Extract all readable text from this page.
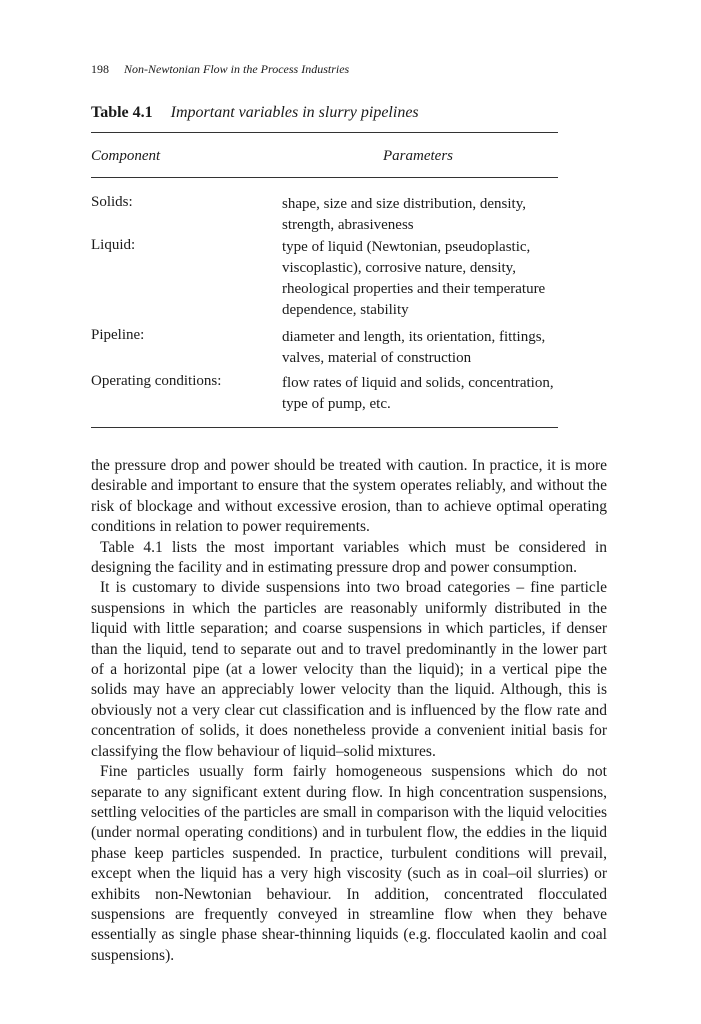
198 Non-Newtonian Flow in the Process Industries
Table 4.1 Important variables in slurry pipelines
Component	Parameters
Solids:	shape, size and size distribution, density, strength, abrasiveness
Liquid:	type of liquid (Newtonian, pseudoplastic, viscoplastic), corrosive nature, density, rheological properties and their temperature dependence, stability
Pipeline:	diameter and length, its orientation, fittings, valves, material of construction
Operating conditions:	flow rates of liquid and solids, concentration, type of pump, etc.

the pressure drop and power should be treated with caution. In practice, it is more desirable and important to ensure that the system operates reliably, and without the risk of blockage and without excessive erosion, than to achieve optimal operating conditions in relation to power requirements.

Table 4.1 lists the most important variables which must be considered in designing the facility and in estimating pressure drop and power consumption.

It is customary to divide suspensions into two broad categories – fine particle suspensions in which the particles are reasonably uniformly distributed in the liquid with little separation; and coarse suspensions in which particles, if denser than the liquid, tend to separate out and to travel predominantly in the lower part of a horizontal pipe (at a lower velocity than the liquid); in a vertical pipe the solids may have an appreciably lower velocity than the liquid. Although, this is obviously not a very clear cut classification and is influenced by the flow rate and concentration of solids, it does nonetheless provide a convenient initial basis for classifying the flow behaviour of liquid–solid mixtures.

Fine particles usually form fairly homogeneous suspensions which do not separate to any significant extent during flow. In high concentration suspensions, settling velocities of the particles are small in comparison with the liquid velocities (under normal operating conditions) and in turbulent flow, the eddies in the liquid phase keep particles suspended. In practice, turbulent conditions will prevail, except when the liquid has a very high viscosity (such as in coal–oil slurries) or exhibits non-Newtonian behaviour. In addition, concentrated flocculated suspensions are frequently conveyed in streamline flow when they behave essentially as single phase shear-thinning liquids (e.g. flocculated kaolin and coal suspensions).
